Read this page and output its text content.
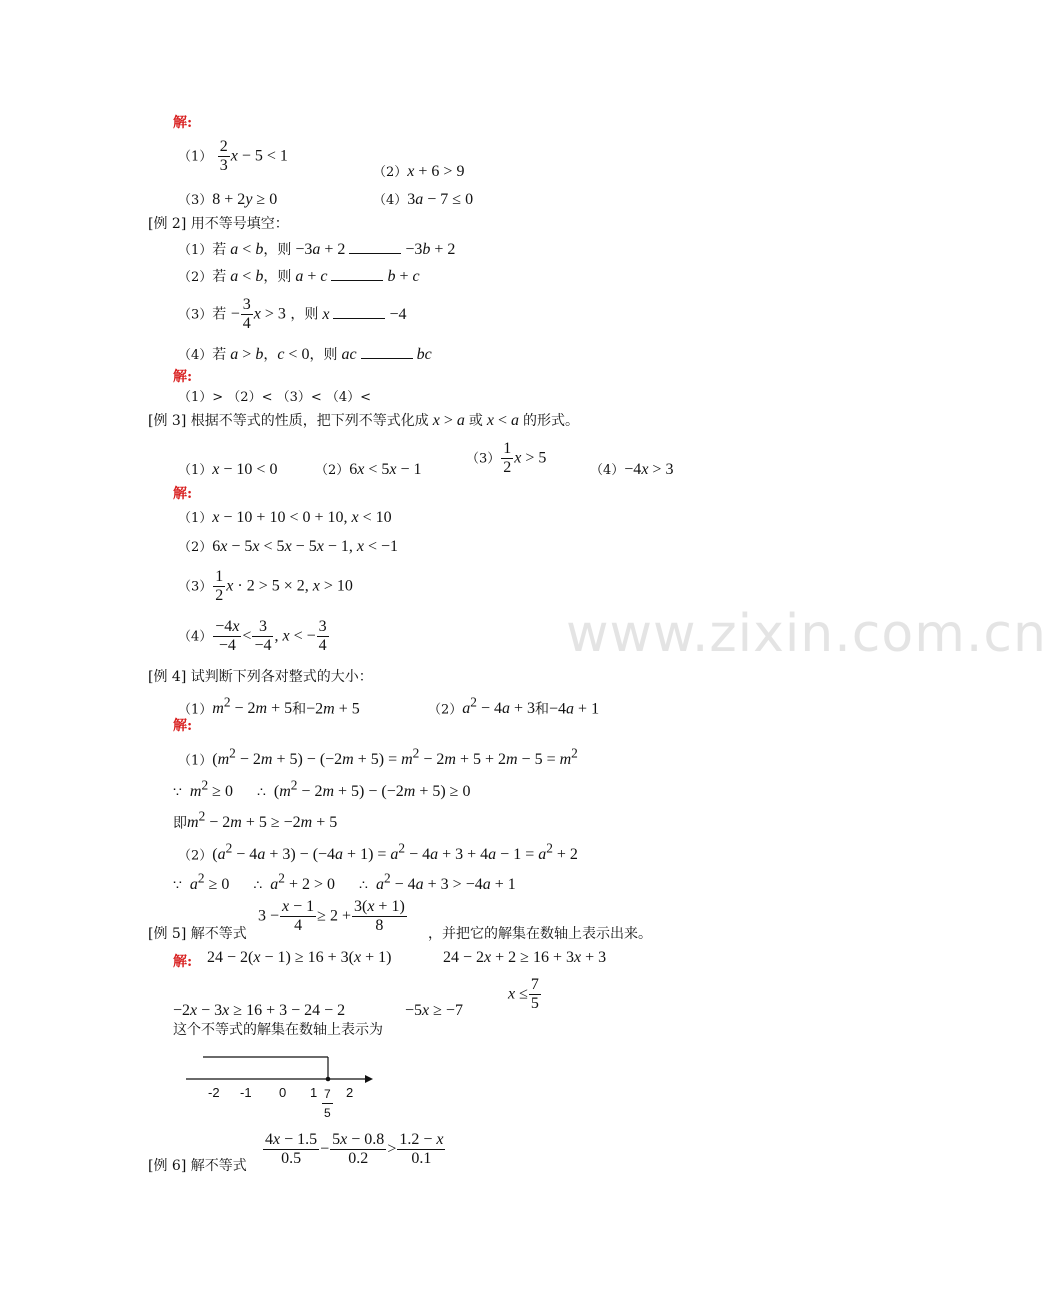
www.zixin.com.cn
解:
$(1) \frac{2}{3}$ x − 5 < 1
（2）x + 6 > 9
（3）8 + 2y ≥ 0	（4）3a − 7 ≤ 0
[例 2] 用不等号填空：
（1）若 a < b，则 −3a + 2	−3b + 2
（2）若 a < b，则 a + c	b + c
（3）若 − $\frac{3}{4}$ x > 3 ，则 x	−4
（4）若 a > b，c < 0，则 ac	bc
解:
（1）> （2）< （3）< （4）<
[例 3] 根据不等式的性质，把下列不等式化成 x > a 或 x < a 的形式。
（1）x − 10 < 0	（2）6x < 5x − 1
$(3) \frac{1}{2}$ x > 5
（4）−4x > 3
解:
（1）x − 10 + 10 < 0 + 10, x < 10
（2）6x − 5x < 5x − 5x − 1, x < −1
$(3) \frac{1}{2}$ x · 2 > 5 × 2, x > 10
$(4) \frac{-4x}{-4} < \frac{3}{-4}$ , x < − $\frac{3}{4}$
[例 4] 试判断下列各对整式的大小：
$(1)m^2 - 2m + 5$和−2m + 5	$(2)a^2 - 4a + 3$和−4a + 1
解:
$(1)(m^2 - 2m + 5) - (-2m + 5) = m^2 - 2m + 5 + 2m - 5 = m^2$
∵ $m^2 \ge 0$      ∴  $(m^2 - 2m + 5) - (-2m + 5) \ge 0$
即$m^2 - 2m + 5 \ge -2m + 5$
$(2)(a^2 - 4a + 3) - (-4a + 1) = a^2 - 4a + 3 + 4a - 1 = a^2 + 2$
∵ $a^2 \ge 0$      ∴ $a^2 + 2 > 0$      ∴ $a^2 - 4a + 3 > -4a + 1$
[例 5] 解不等式
$3 - \frac{x - 1}{4} \ge 2 + \frac{3(x + 1)}{8}$ ，并把它的解集在数轴上表示出来。
解: 24 − 2(x − 1) ≥ 16 + 3(x + 1)	24 − 2x + 2 ≥ 16 + 3x + 3
−2x − 3x ≥ 16 + 3 − 24 − 2	−5x ≥ −7
$x \le \frac{7}{5}$
这个不等式的解集在数轴上表示为
-2 -1 0 1 2
$\frac{7}{5}$
[例 6] 解不等式 $\frac{4x - 1.5}{0.5} - \frac{5x - 0.8}{0.2} > \frac{1.2 - x}{0.1}$
